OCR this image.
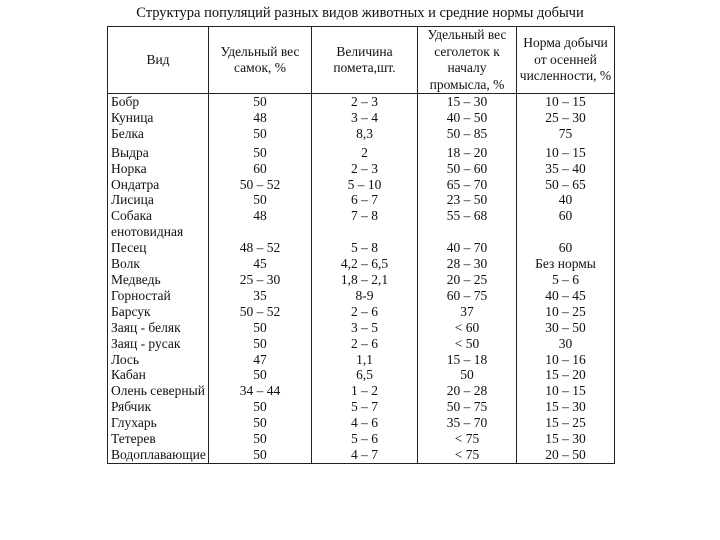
Структура популяций разных видов животных и средние нормы добычи
Вид	Удельный вес самок, %	Величина помета,шт.	Удельный вес сеголеток к началу промысла, %	Норма добычи от осенней численности, %
Бобр	50	2 – 3	15 – 30	10 – 15
Куница	48	3 – 4	40 – 50	25 – 30
Белка	50	8,3	50 – 85	75

Выдра	50	2	18 – 20	10 – 15
Норка	60	2 – 3	50 – 60	35 – 40
Ондатра	50 – 52	5 – 10	65 – 70	50 – 65
Лисица	50	6 – 7	23 – 50	40
Собака енотовидная	48	7 – 8	55 – 68	60
Песец	48 – 52	5 – 8	40 – 70	60
Волк	45	4,2 – 6,5	28 – 30	Без нормы
Медведь	25 – 30	1,8 – 2,1	20 – 25	5 – 6
Горностай	35	8-9	60 – 75	40 – 45
Барсук	50 – 52	2 – 6	37	10 – 25
Заяц - беляк	50	3 – 5	< 60	30 – 50
Заяц - русак	50	2 – 6	< 50	30
Лось	47	1,1	15 – 18	10 – 16
Кабан	50	6,5	50	15 – 20
Олень северный	34 – 44	1 – 2	20 – 28	10 – 15
Рябчик	50	5 – 7	50 – 75	15 – 30
Глухарь	50	4 – 6	35 – 70	15 – 25
Тетерев	50	5 – 6	< 75	15 – 30
Водоплавающие	50	4 – 7	< 75	20 – 50
